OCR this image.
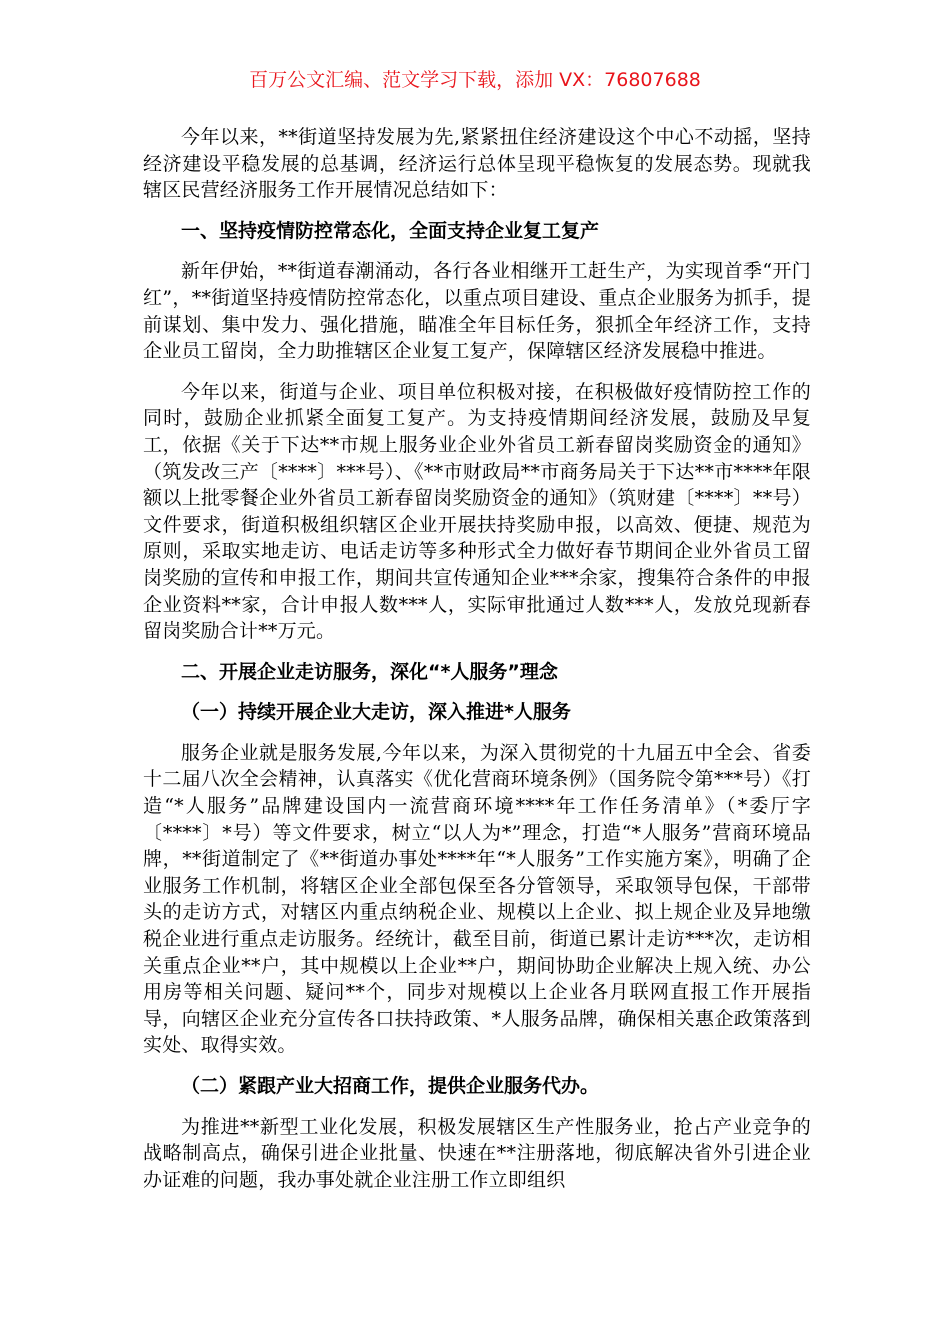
百万公文汇编、范文学习下载，添加 VX：76807688

今年以来，**街道坚持发展为先,紧紧扭住经济建设这个中心不动摇，坚持经济建设平稳发展的总基调，经济运行总体呈现平稳恢复的发展态势。现就我辖区民营经济服务工作开展情况总结如下：

一、坚持疫情防控常态化，全面支持企业复工复产

新年伊始，**街道春潮涌动，各行各业相继开工赶生产，为实现首季“开门红”，**街道坚持疫情防控常态化，以重点项目建设、重点企业服务为抓手，提前谋划、集中发力、强化措施，瞄准全年目标任务，狠抓全年经济工作，支持企业员工留岗，全力助推辖区企业复工复产，保障辖区经济发展稳中推进。

今年以来，街道与企业、项目单位积极对接，在积极做好疫情防控工作的同时，鼓励企业抓紧全面复工复产。为支持疫情期间经济发展，鼓励及早复工，依据《关于下达**市规上服务业企业外省员工新春留岗奖励资金的通知》（筑发改三产〔****〕***号）、《**市财政局**市商务局关于下达**市****年限额以上批零餐企业外省员工新春留岗奖励资金的通知》（筑财建〔****〕**号）文件要求，街道积极组织辖区企业开展扶持奖励申报，以高效、便捷、规范为原则，采取实地走访、电话走访等多种形式全力做好春节期间企业外省员工留岗奖励的宣传和申报工作，期间共宣传通知企业***余家，搜集符合条件的申报企业资料**家，合计申报人数***人，实际审批通过人数***人，发放兑现新春留岗奖励合计**万元。

二、开展企业走访服务，深化“*人服务”理念

（一）持续开展企业大走访，深入推进*人服务

服务企业就是服务发展,今年以来，为深入贯彻党的十九届五中全会、省委十二届八次全会精神，认真落实《优化营商环境条例》（国务院令第***号）《打造“*人服务”品牌建设国内一流营商环境****年工作任务清单》（*委厅字〔****〕*号）等文件要求，树立“以人为*”理念，打造“*人服务”营商环境品牌，**街道制定了《**街道办事处****年“*人服务”工作实施方案》，明确了企业服务工作机制，将辖区企业全部包保至各分管领导，采取领导包保，干部带头的走访方式，对辖区内重点纳税企业、规模以上企业、拟上规企业及异地缴税企业进行重点走访服务。经统计，截至目前，街道已累计走访***次，走访相关重点企业**户，其中规模以上企业**户，期间协助企业解决上规入统、办公用房等相关问题、疑问**个，同步对规模以上企业各月联网直报工作开展指导，向辖区企业充分宣传各口扶持政策、*人服务品牌，确保相关惠企政策落到实处、取得实效。

（二）紧跟产业大招商工作，提供企业服务代办。

为推进**新型工业化发展，积极发展辖区生产性服务业，抢占产业竞争的战略制高点，确保引进企业批量、快速在**注册落地，彻底解决省外引进企业办证难的问题，我办事处就企业注册工作立即组织
